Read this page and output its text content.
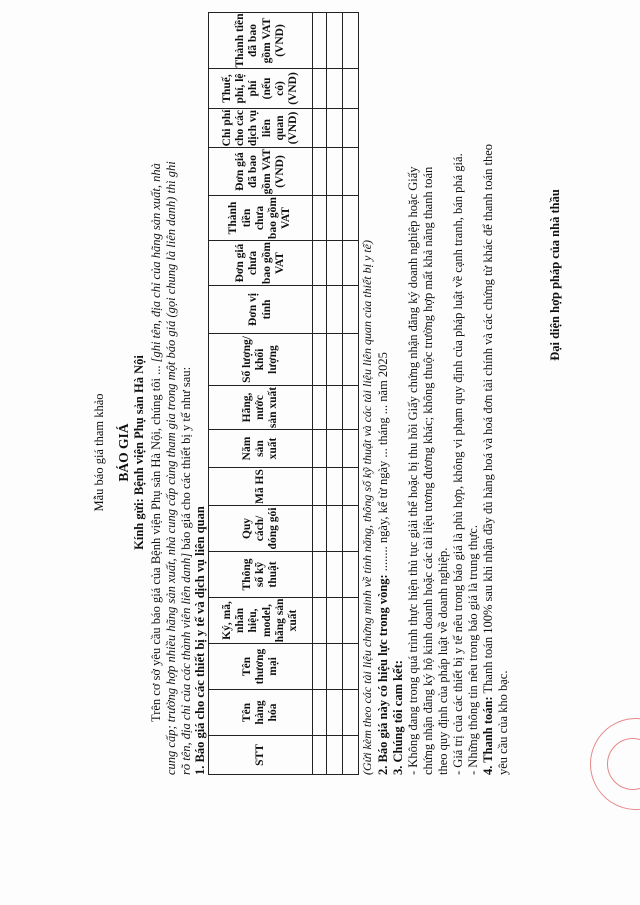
Mẫu báo giá tham khảo BÁO GIÁ Kính gửi: Bệnh viện Phụ sản Hà Nội Trên cơ sở yêu cầu báo giá của Bệnh viện Phụ sản Hà Nội, chúng tôi ... [ghi tên, địa chỉ của hãng sản xuất, nhà cung cấp; trường hợp nhiều hãng sản xuất, nhà cung cấp cùng tham gia trong một báo giá (gọi chung là liên danh) thì ghi rõ tên, địa chỉ của các thành viên liên danh] báo giá cho các thiết bị y tế như sau:
1. Báo giá cho các thiết bị y tế và dịch vụ liên quan	STT	Tên hàng hóa	Tên thương mại	Ký, mã, nhãn hiệu, model, hãng sản xuất	Thông số kỹ thuật	Quy cách/ đóng gói	Mã HS	Năm sản xuất	Hãng, nước sản xuất	Số lượng/ khối lượng	Đơn vị tính	Đơn giá chưa bao gồm VAT	Thành tiền chưa bao gồm VAT	Đơn giá đã bao gồm VAT (VND)	Chi phí cho các dịch vụ liên quan (VND)	Thuế, phí, lệ phí (nếu có) (VND)	Thành tiền đã bao gồm VAT (VND)

(Gửi kèm theo các tài liệu chứng minh về tính năng, thông số kỹ thuật và các tài liệu liên quan của thiết bị y tế) 2. Báo giá này có hiệu lực trong vòng: ........ ngày, kể từ ngày ... tháng ... năm 2025
3. Chúng tôi cam kết: - Không đang trong quá trình thực hiện thủ tục giải thể hoặc bị thu hồi Giấy chứng nhận đăng ký doanh nghiệp hoặc Giấy chứng nhận đăng ký hộ kinh doanh hoặc các tài liệu tương đương khác; không thuộc trường hợp mất khả năng thanh toán theo quy định của pháp luật về doanh nghiệp. - Giá trị của các thiết bị y tế nêu trong báo giá là phù hợp, không vi phạm quy định của pháp luật về cạnh tranh, bán phá giá. - Những thông tin nêu trong báo giá là trung thực. 4. Thanh toán: Thanh toán 100% sau khi nhận đầy đủ hàng hoá và hoá đơn tài chính và các chứng từ khác để thanh toán theo
yêu cầu của kho bạc.
Đại diện hợp pháp của nhà thầu
